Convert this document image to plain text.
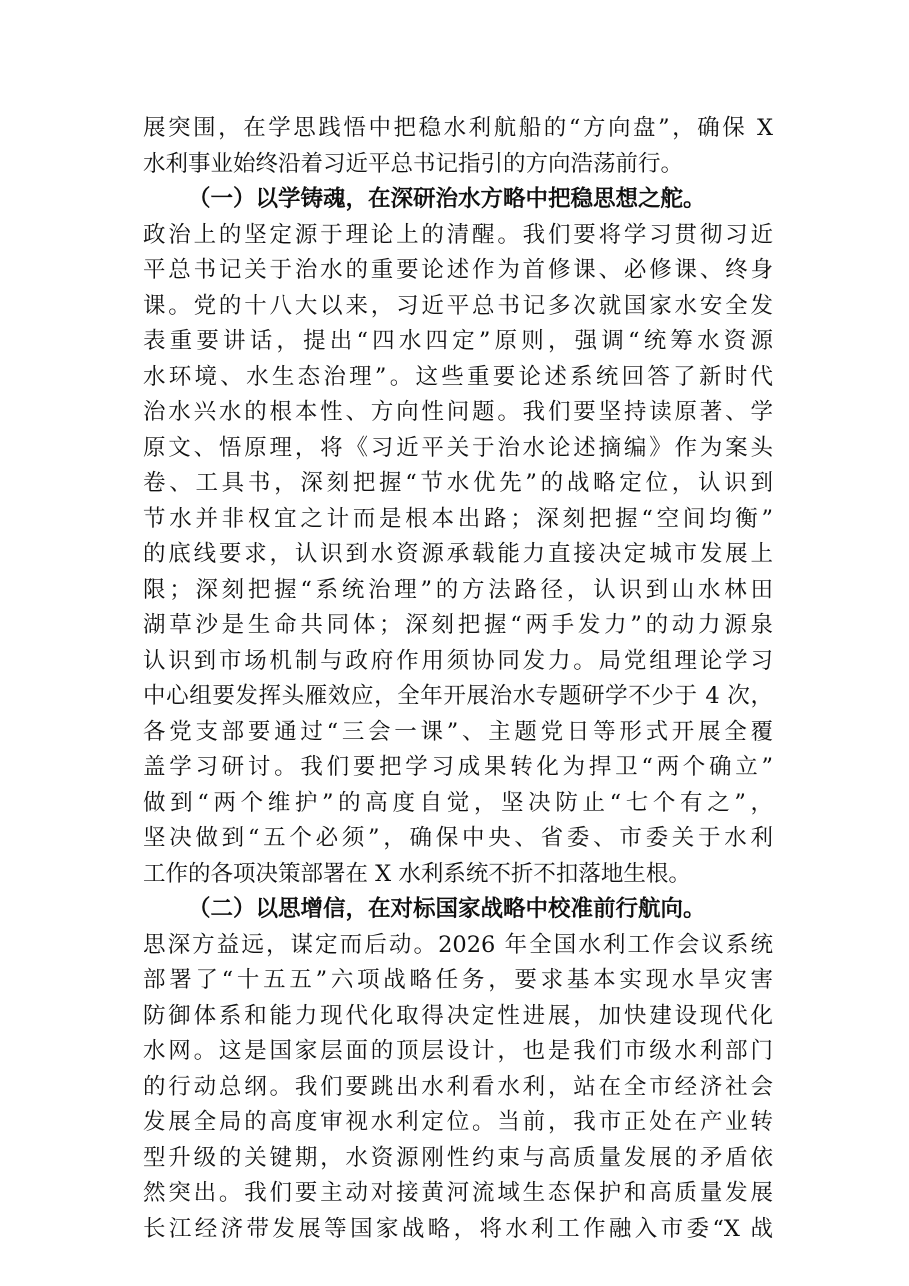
展突围，在学思践悟中把稳水利航船的“方向盘”，确保 X
水利事业始终沿着习近平总书记指引的方向浩荡前行。
（一）以学铸魂，在深研治水方略中把稳思想之舵。
政治上的坚定源于理论上的清醒。我们要将学习贯彻习近
平总书记关于治水的重要论述作为首修课、必修课、终身
课。党的十八大以来，习近平总书记多次就国家水安全发
表重要讲话，提出“四水四定”原则，强调“统筹水资源
水环境、水生态治理”。这些重要论述系统回答了新时代
治水兴水的根本性、方向性问题。我们要坚持读原著、学
原文、悟原理，将《习近平关于治水论述摘编》作为案头
卷、工具书，深刻把握“节水优先”的战略定位，认识到
节水并非权宜之计而是根本出路；深刻把握“空间均衡”
的底线要求，认识到水资源承载能力直接决定城市发展上
限；深刻把握“系统治理”的方法路径，认识到山水林田
湖草沙是生命共同体；深刻把握“两手发力”的动力源泉
认识到市场机制与政府作用须协同发力。局党组理论学习
中心组要发挥头雁效应，全年开展治水专题研学不少于 4 次，
各党支部要通过“三会一课”、主题党日等形式开展全覆
盖学习研讨。我们要把学习成果转化为捍卫“两个确立”
做到“两个维护”的高度自觉，坚决防止“七个有之”，
坚决做到“五个必须”，确保中央、省委、市委关于水利
工作的各项决策部署在 X 水利系统不折不扣落地生根。
（二）以思增信，在对标国家战略中校准前行航向。
思深方益远，谋定而后动。2026 年全国水利工作会议系统
部署了“十五五”六项战略任务，要求基本实现水旱灾害
防御体系和能力现代化取得决定性进展，加快建设现代化
水网。这是国家层面的顶层设计，也是我们市级水利部门
的行动总纲。我们要跳出水利看水利，站在全市经济社会
发展全局的高度审视水利定位。当前，我市正处在产业转
型升级的关键期，水资源刚性约束与高质量发展的矛盾依
然突出。我们要主动对接黄河流域生态保护和高质量发展
长江经济带发展等国家战略，将水利工作融入市委“X 战
